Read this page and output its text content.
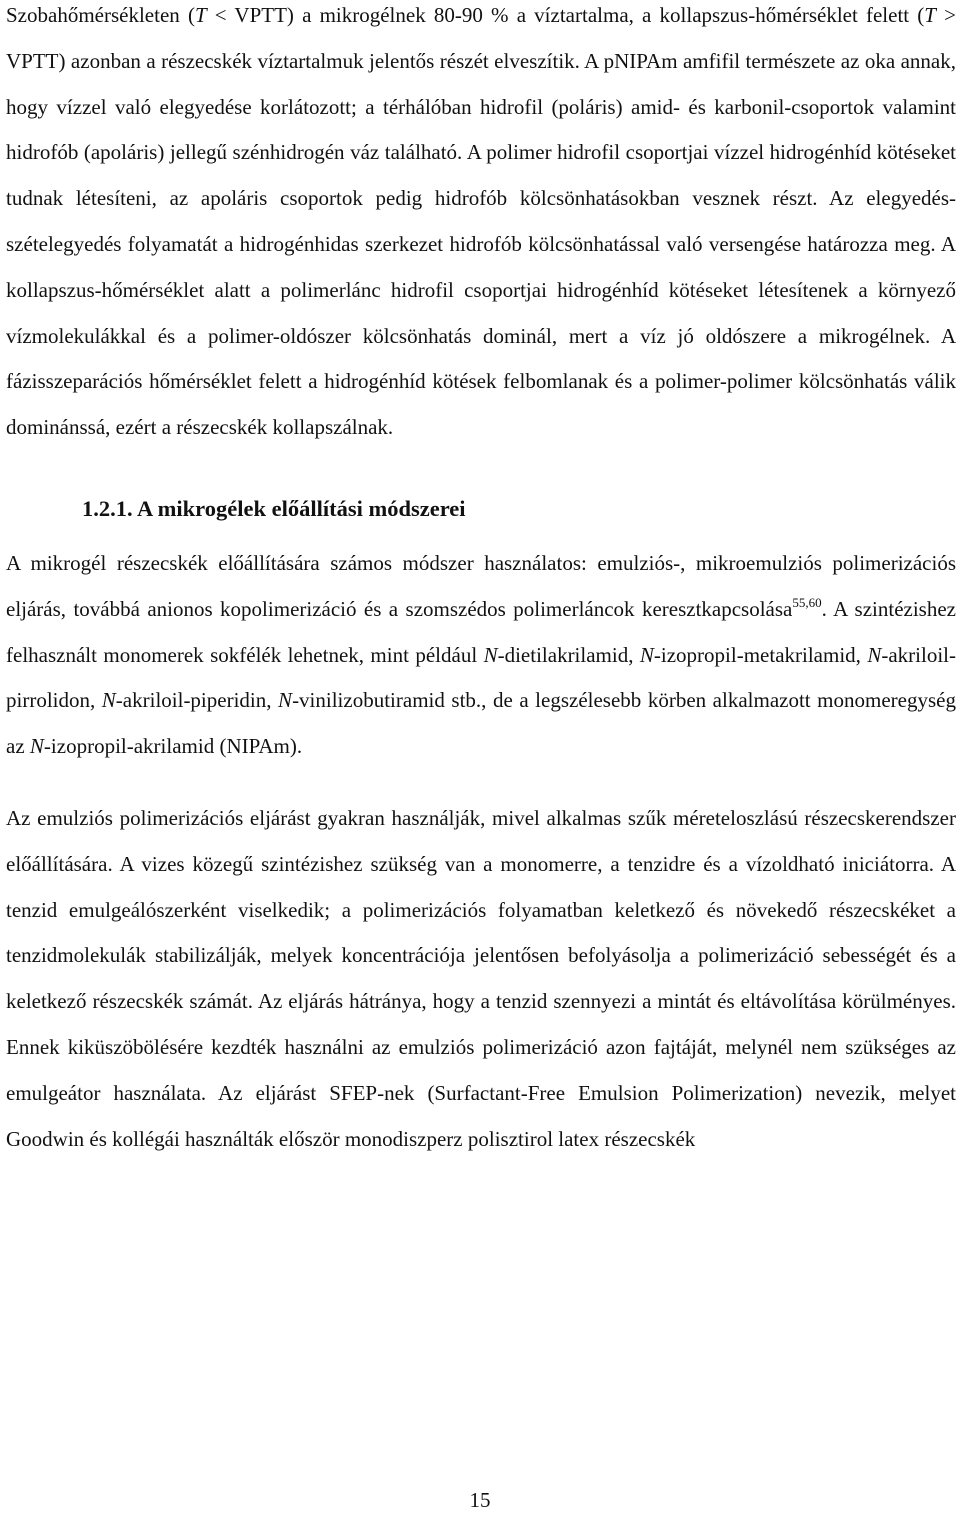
Szobahőmérsékleten (T < VPTT) a mikrogélnek 80-90 % a víztartalma, a kollapszus-hőmérséklet felett (T > VPTT) azonban a részecskék víztartalmuk jelentős részét elveszítik. A pNIPAm amfifil természete az oka annak, hogy vízzel való elegyedése korlátozott; a térhálóban hidrofil (poláris) amid- és karbonil-csoportok valamint hidrofób (apoláris) jellegű szénhidrogén váz található. A polimer hidrofil csoportjai vízzel hidrogénhíd kötéseket tudnak létesíteni, az apoláris csoportok pedig hidrofób kölcsönhatásokban vesznek részt. Az elegyedés-szételegyedés folyamatát a hidrogénhidas szerkezet hidrofób kölcsönhatással való versengése határozza meg. A kollapszus-hőmérséklet alatt a polimerlánc hidrofil csoportjai hidrogénhíd kötéseket létesítenek a környező vízmolekulákkal és a polimer-oldószer kölcsönhatás dominál, mert a víz jó oldószere a mikrogélnek. A fázisszeparációs hőmérséklet felett a hidrogénhíd kötések felbomlanak és a polimer-polimer kölcsönhatás válik dominánssá, ezért a részecskék kollapszálnak.

1.2.1. A mikrogélek előállítási módszerei

A mikrogél részecskék előállítására számos módszer használatos: emulziós-, mikroemulziós polimerizációs eljárás, továbbá anionos kopolimerizáció és a szomszédos polimerláncok keresztkapcsolása$^{55,60}$. A szintézishez felhasznált monomerek sokfélék lehetnek, mint például N-dietilakrilamid, N-izopropil-metakrilamid, N-akriloil-pirrolidon, N-akriloil-piperidin, N-vinilizobutiramid stb., de a legszélesebb körben alkalmazott monomeregység az N-izopropil-akrilamid (NIPAm).

Az emulziós polimerizációs eljárást gyakran használják, mivel alkalmas szűk méreteloszlású részecskerendszer előállítására. A vizes közegű szintézishez szükség van a monomerre, a tenzidre és a vízoldható iniciátorra. A tenzid emulgeálószerként viselkedik; a polimerizációs folyamatban keletkező és növekedő részecskéket a tenzidmolekulák stabilizálják, melyek koncentrációja jelentősen befolyásolja a polimerizáció sebességét és a keletkező részecskék számát. Az eljárás hátránya, hogy a tenzid szennyezi a mintát és eltávolítása körülményes. Ennek kiküszöbölésére kezdték használni az emulziós polimerizáció azon fajtáját, melynél nem szükséges az emulgeátor használata. Az eljárást SFEP-nek (Surfactant-Free Emulsion Polimerization) nevezik, melyet Goodwin és kollégái használták először monodiszperz polisztirol latex részecskék

15
